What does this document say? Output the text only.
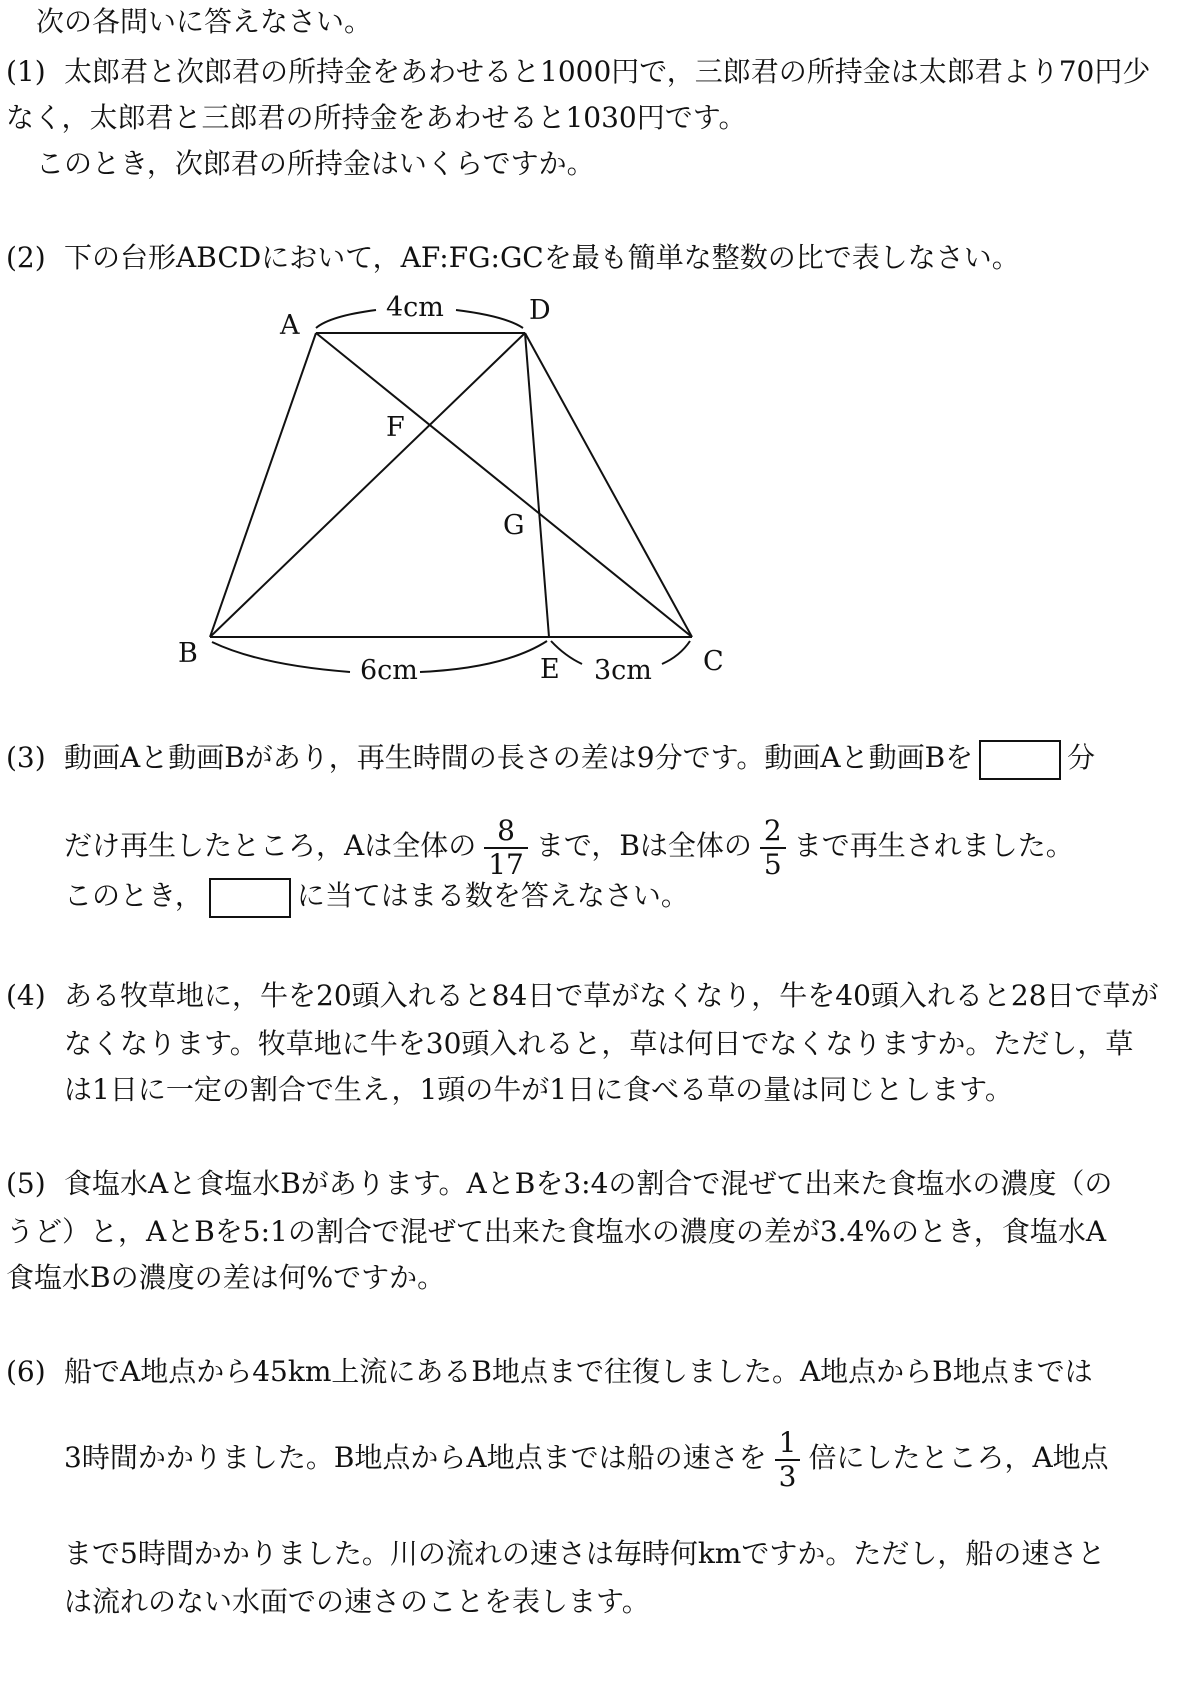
次の各問いに答えなさい。
(1) 太郎君と次郎君の所持金をあわせると1000円で，三郎君の所持金は太郎君より70円少
なく，太郎君と三郎君の所持金をあわせると1030円です。
このとき，次郎君の所持金はいくらですか。
(2) 下の台形ABCDにおいて，AF:FG:GCを最も簡単な整数の比で表しなさい。
A	D
F
G
B
E	C
4cm
6cm	3cm
(3) 動画Aと動画Bがあり，再生時間の長さの差は9分です。動画Aと動画Bを	分
だけ再生したところ，Aは全体の $\frac{8}{17}$ まで，Bは全体の $\frac{2}{5}$ まで再生されました。
このとき，	に当てはまる数を答えなさい。
(4) ある牧草地に，牛を20頭入れると84日で草がなくなり，牛を40頭入れると28日で草が
なくなります。牧草地に牛を30頭入れると，草は何日でなくなりますか。ただし，草
は1日に一定の割合で生え，1頭の牛が1日に食べる草の量は同じとします。
(5) 食塩水Aと食塩水Bがあります。AとBを3:4の割合で混ぜて出来た食塩水の濃度（の
うど）と，AとBを5:1の割合で混ぜて出来た食塩水の濃度の差が3.4%のとき，食塩水A
食塩水Bの濃度の差は何%ですか。
(6) 船でA地点から45km上流にあるB地点まで往復しました。A地点からB地点までは
3時間かかりました。B地点からA地点までは船の速さを $\frac{1}{3}$ 倍にしたところ，A地点
まで5時間かかりました。川の流れの速さは毎時何kmですか。ただし，船の速さと
は流れのない水面での速さのことを表します。
